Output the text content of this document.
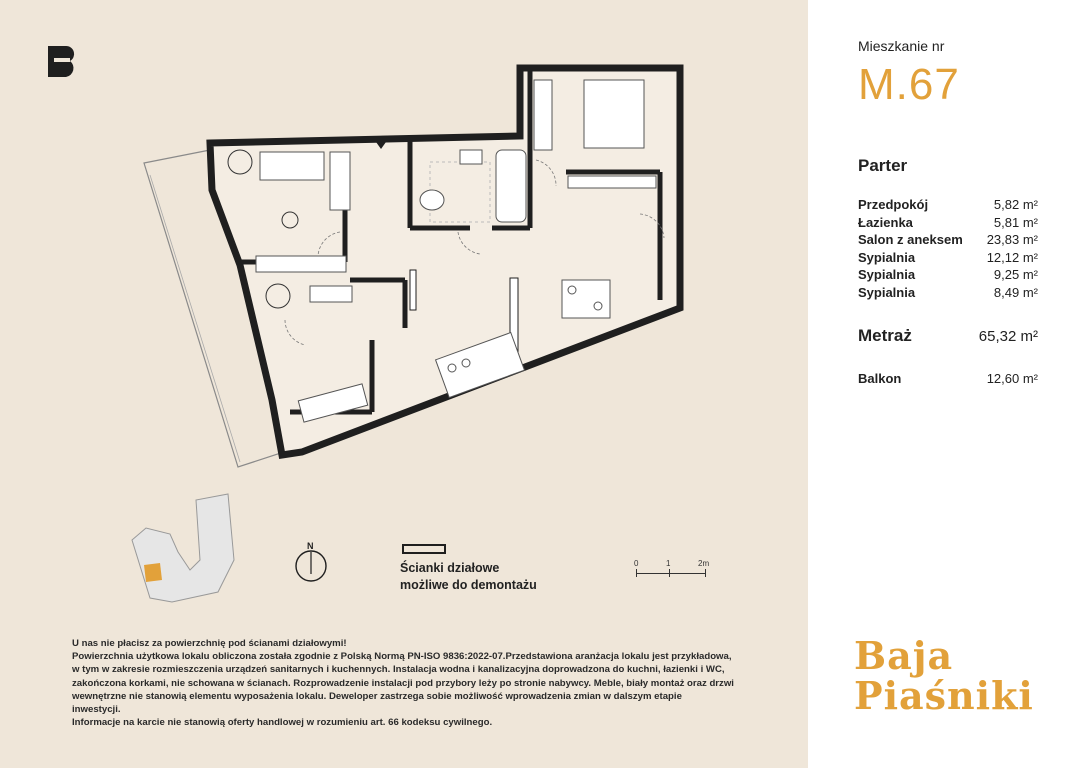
N
Ścianki działowe
możliwe do demontażu
0	1	2m
U nas nie płacisz za powierzchnię pod ścianami działowymi!
Powierzchnia użytkowa lokalu obliczona została zgodnie z Polską Normą PN-ISO 9836:2022-07.Przedstawiona aranżacja lokalu jest przykładowa,
w tym w zakresie rozmieszczenia urządzeń sanitarnych i kuchennych. Instalacja wodna i kanalizacyjna doprowadzona do kuchni, łazienki i WC,
zakończona korkami, nie schowana w ścianach. Rozprowadzenie instalacji pod przybory leży po stronie nabywcy. Meble, biały montaż oraz drzwi
wewnętrzne nie stanowią elementu wyposażenia lokalu. Deweloper zastrzega sobie możliwość wprowadzenia zmian w dalszym etapie
inwestycji.
Informacje na karcie nie stanowią oferty handlowej w rozumieniu art. 66 kodeksu cywilnego.
Mieszkanie nr
M.67
Parter
Przedpokój	5,82 m²
Łazienka	5,81 m²
Salon z aneksem 23,83 m²
Sypialnia	12,12 m²
Sypialnia	9,25 m²
Sypialnia	8,49 m²
Metraż	65,32 m²
Balkon	12,60 m²
Baja
Piaśniki
